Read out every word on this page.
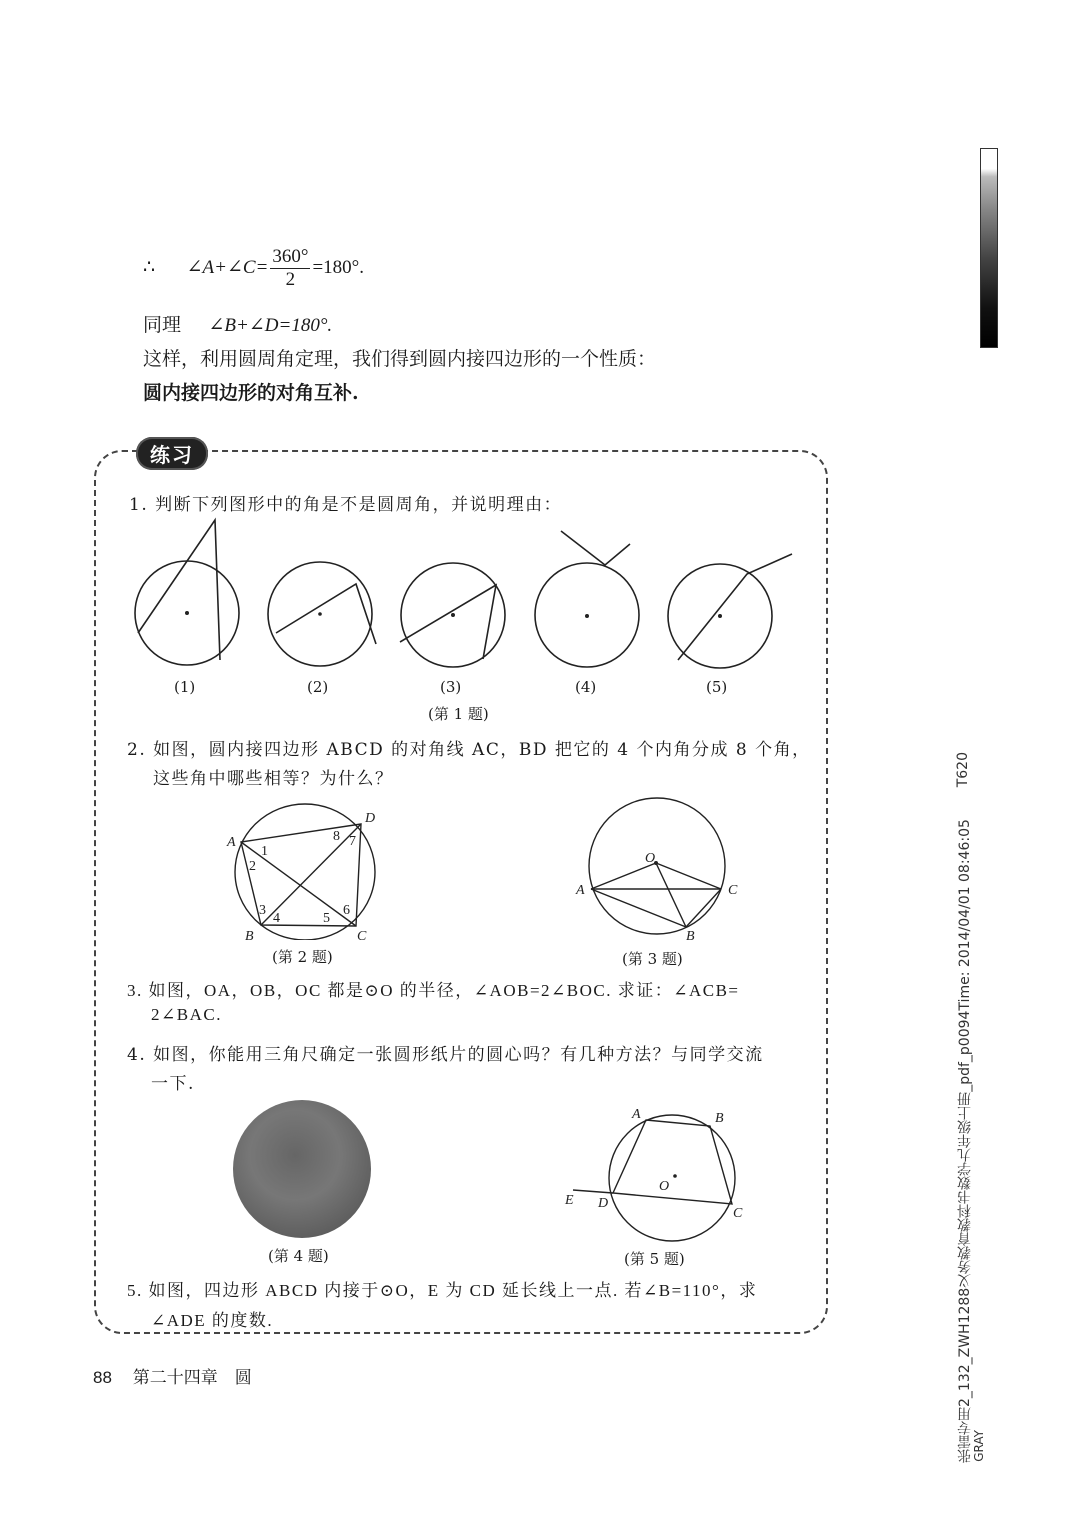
∴ ∠A+∠C= $\frac{360^\circ}{2} =180^\circ$.
同理 ∠B+∠D=180°.
这样，利用圆周角定理，我们得到圆内接四边形的一个性质：
圆内接四边形的对角互补.
练习
1. 判断下列图形中的角是不是圆周角，并说明理由：
(1)	(2)	(3)	(4)	(5)
(第 1 题)
2. 如图，圆内接四边形 ABCD 的对角线 AC，BD 把它的 4 个内角分成 8 个角，
这些角中哪些相等？为什么？
A
D
B	C
1
2
3
4	5
6
7
8
(第 2 题)
O
A	C
B
(第 3 题)
3. 如图，OA，OB，OC 都是⊙O 的半径，∠AOB=2∠BOC. 求证：∠ACB=
2∠BAC.
4. 如图，你能用三角尺确定一张圆形纸片的圆心吗？有几种方法？与同学交流
一下.
(第 4 题)
A	B
C
D
E
O
(第 5 题)
5. 如图，四边形 ABCD 内接于⊙O，E 为 CD 延长线上一点. 若∠B=110°，求
∠ADE 的度数.
88 第二十四章　圆
T620
张雷专用2_132_ZWH1288义务教育教科书数学九年级上册_pdf_p0094Time: 2014/04/01 08:46:05 GRAY
